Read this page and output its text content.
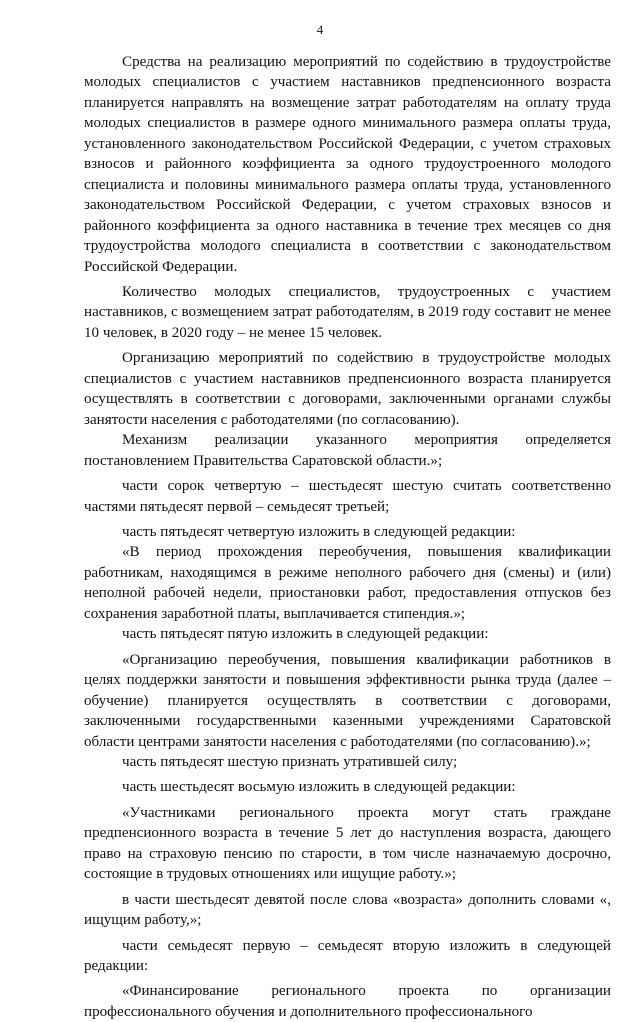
4

Средства на реализацию мероприятий по содействию в трудоустройстве молодых специалистов с участием наставников предпенсионного возраста планируется направлять на возмещение затрат работодателям на оплату труда молодых специалистов в размере одного минимального размера оплаты труда, установленного законодательством Российской Федерации, с учетом страховых взносов и районного коэффициента за одного трудоустроенного молодого специалиста и половины минимального размера оплаты труда, установленного законодательством Российской Федерации, с учетом страховых взносов и районного коэффициента за одного наставника в течение трех месяцев со дня трудоустройства молодого специалиста в соответствии с законодательством Российской Федерации.

Количество молодых специалистов, трудоустроенных с участием наставников, с возмещением затрат работодателям, в 2019 году составит не менее 10 человек, в 2020 году – не менее 15 человек.

Организацию мероприятий по содействию в трудоустройстве молодых специалистов с участием наставников предпенсионного возраста планируется осуществлять в соответствии с договорами, заключенными органами службы занятости населения с работодателями (по согласованию).

Механизм реализации указанного мероприятия определяется постановлением Правительства Саратовской области.»;

части сорок четвертую – шестьдесят шестую считать соответственно частями пятьдесят первой – семьдесят третьей;

часть пятьдесят четвертую изложить в следующей редакции:

«В период прохождения переобучения, повышения квалификации работникам, находящимся в режиме неполного рабочего дня (смены) и (или) неполной рабочей недели, приостановки работ, предоставления отпусков без сохранения заработной платы, выплачивается стипендия.»;

часть пятьдесят пятую изложить в следующей редакции:

«Организацию переобучения, повышения квалификации работников в целях поддержки занятости и повышения эффективности рынка труда (далее – обучение) планируется осуществлять в соответствии с договорами, заключенными государственными казенными учреждениями Саратовской области центрами занятости населения с работодателями (по согласованию).»;

часть пятьдесят шестую признать утратившей силу;

часть шестьдесят восьмую изложить в следующей редакции:

«Участниками регионального проекта могут стать граждане предпенсионного возраста в течение 5 лет до наступления возраста, дающего право на страховую пенсию по старости, в том числе назначаемую досрочно, состоящие в трудовых отношениях или ищущие работу.»;

в части шестьдесят девятой после слова «возраста» дополнить словами «, ищущим работу,»;

части семьдесят первую – семьдесят вторую изложить в следующей редакции:

«Финансирование регионального проекта по организации профессионального обучения и дополнительного профессионального
